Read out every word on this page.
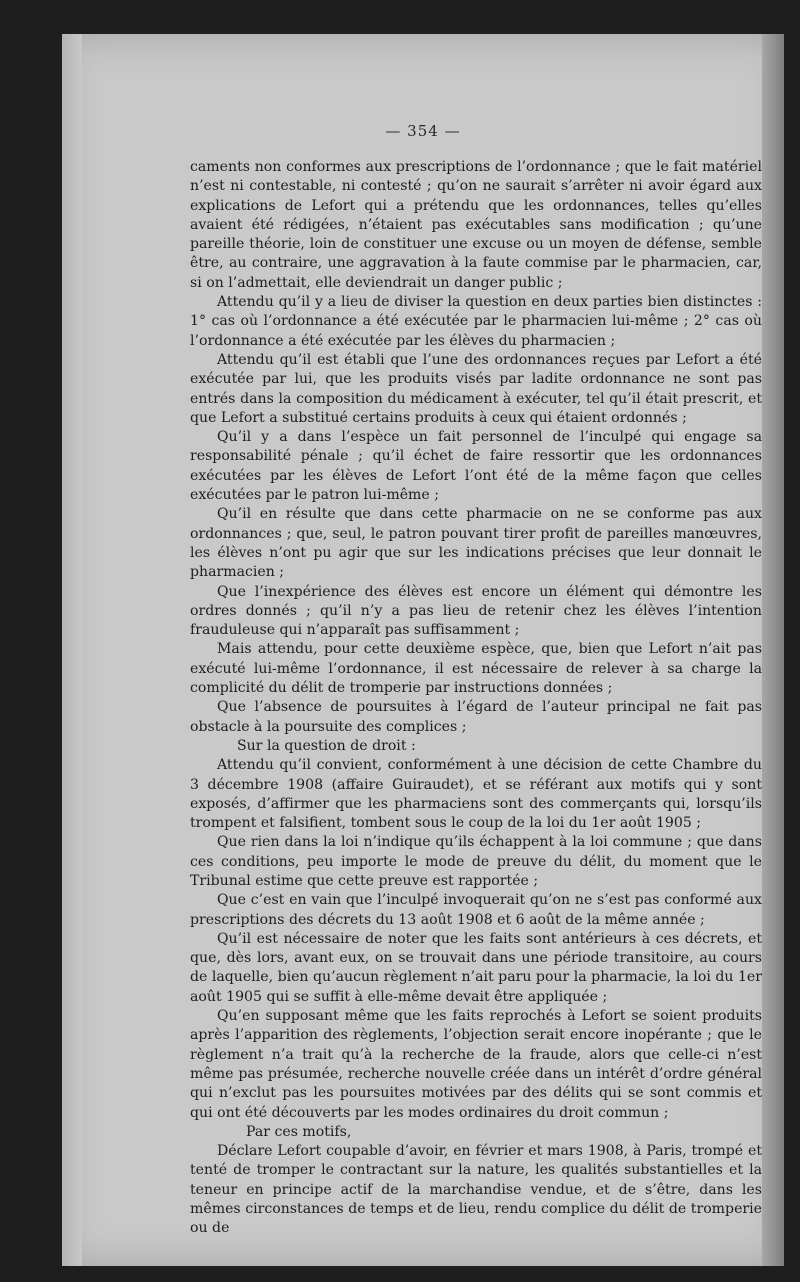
— 354 —

caments non conformes aux prescriptions de l’ordonnance ; que le fait matériel n’est ni contestable, ni contesté ; qu’on ne saurait s’arrêter ni avoir égard aux explications de Lefort qui a prétendu que les ordonnances, telles qu’elles avaient été rédigées, n’étaient pas exécutables sans modification ; qu’une pareille théorie, loin de constituer une excuse ou un moyen de défense, semble être, au contraire, une aggravation à la faute commise par le pharmacien, car, si on l’admettait, elle deviendrait un danger public ;

Attendu qu’il y a lieu de diviser la question en deux parties bien distinctes : 1° cas où l’ordonnance a été exécutée par le pharmacien lui-même ; 2° cas où l’ordonnance a été exécutée par les élèves du pharmacien ;

Attendu qu’il est établi que l’une des ordonnances reçues par Lefort a été exécutée par lui, que les produits visés par ladite ordonnance ne sont pas entrés dans la composition du médicament à exécuter, tel qu’il était prescrit, et que Lefort a substitué certains produits à ceux qui étaient ordonnés ;

Qu’il y a dans l’espèce un fait personnel de l’inculpé qui engage sa responsabilité pénale ; qu’il échet de faire ressortir que les ordonnances exécutées par les élèves de Lefort l’ont été de la même façon que celles exécutées par le patron lui-même ;

Qu’il en résulte que dans cette pharmacie on ne se conforme pas aux ordonnances ; que, seul, le patron pouvant tirer profit de pareilles manœuvres, les élèves n’ont pu agir que sur les indications précises que leur donnait le pharmacien ;

Que l’inexpérience des élèves est encore un élément qui démontre les ordres donnés ; qu’il n’y a pas lieu de retenir chez les élèves l’intention frauduleuse qui n’apparaît pas suffisamment ;

Mais attendu, pour cette deuxième espèce, que, bien que Lefort n’ait pas exécuté lui-même l’ordonnance, il est nécessaire de relever à sa charge la complicité du délit de tromperie par instructions données ;

Que l’absence de poursuites à l’égard de l’auteur principal ne fait pas obstacle à la poursuite des complices ;

Sur la question de droit :

Attendu qu’il convient, conformément à une décision de cette Chambre du 3 décembre 1908 (affaire Guiraudet), et se référant aux motifs qui y sont exposés, d’affirmer que les pharmaciens sont des commerçants qui, lorsqu’ils trompent et falsifient, tombent sous le coup de la loi du 1er août 1905 ;

Que rien dans la loi n’indique qu’ils échappent à la loi commune ; que dans ces conditions, peu importe le mode de preuve du délit, du moment que le Tribunal estime que cette preuve est rapportée ;

Que c’est en vain que l’inculpé invoquerait qu’on ne s’est pas conformé aux prescriptions des décrets du 13 août 1908 et 6 août de la même année ;

Qu’il est nécessaire de noter que les faits sont antérieurs à ces décrets, et que, dès lors, avant eux, on se trouvait dans une période transitoire, au cours de laquelle, bien qu’aucun règlement n’ait paru pour la pharmacie, la loi du 1er août 1905 qui se suffit à elle-même devait être appliquée ;

Qu’en supposant même que les faits reprochés à Lefort se soient produits après l’apparition des règlements, l’objection serait encore inopérante ; que le règlement n’a trait qu’à la recherche de la fraude, alors que celle-ci n’est même pas présumée, recherche nouvelle créée dans un intérêt d’ordre général qui n’exclut pas les poursuites motivées par des délits qui se sont commis et qui ont été découverts par les modes ordinaires du droit commun ;

Par ces motifs,

Déclare Lefort coupable d’avoir, en février et mars 1908, à Paris, trompé et tenté de tromper le contractant sur la nature, les qualités substantielles et la teneur en principe actif de la marchandise vendue, et de s’être, dans les mêmes circonstances de temps et de lieu, rendu complice du délit de tromperie ou de
